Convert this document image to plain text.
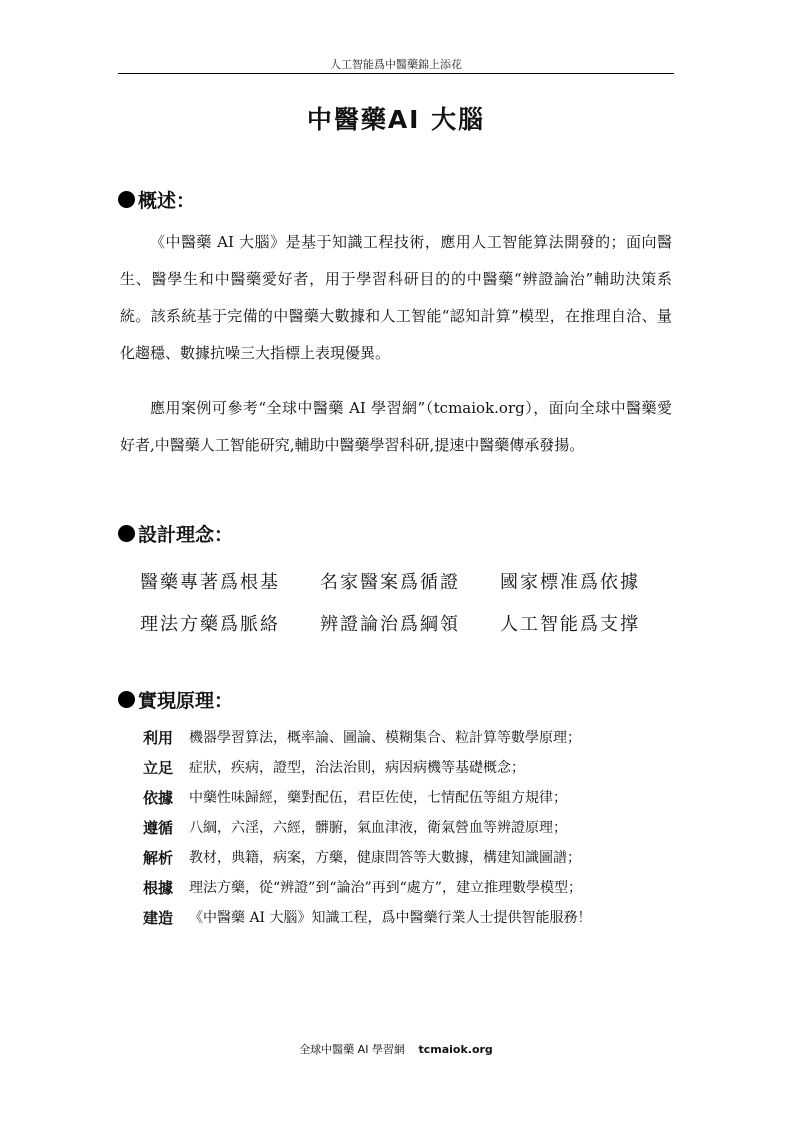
人工智能爲中醫藥錦上添花
中醫藥AI 大腦
概述：

《中醫藥 AI 大腦》是基于知識工程技術，應用人工智能算法開發的；面向醫生、醫學生和中醫藥愛好者，用于學習科研目的的中醫藥“辨證論治”輔助決策系統。該系統基于完備的中醫藥大數據和人工智能“認知計算”模型，在推理自洽、量化趨穩、數據抗噪三大指標上表現優異。

應用案例可參考“全球中醫藥 AI 學習網”（tcmaiok.org），面向全球中醫藥愛好者,中醫藥人工智能研究,輔助中醫藥學習科研,提速中醫藥傳承發揚。

設計理念：
醫藥專著爲根基	名家醫案爲循證	國家標准爲依據
理法方藥爲脈絡	辨證論治爲綱領	人工智能爲支撑
實現原理：
利用	機器學習算法，概率論、圖論、模糊集合、粒計算等數學原理；
立足	症狀，疾病，證型，治法治則，病因病機等基礎概念；
依據	中藥性味歸經，藥對配伍，君臣佐使，七情配伍等組方規律；
遵循	八綱，六淫，六經，髒腑，氣血津液，衛氣營血等辨證原理；
解析	教材，典籍，病案，方藥，健康問答等大數據，構建知識圖譜；
根據	理法方藥，從“辨證”到“論治”再到“處方”，建立推理數學模型；
建造	《中醫藥 AI 大腦》知識工程，爲中醫藥行業人士提供智能服務！
全球中醫藥 AI 學習網 tcmaiok.org
